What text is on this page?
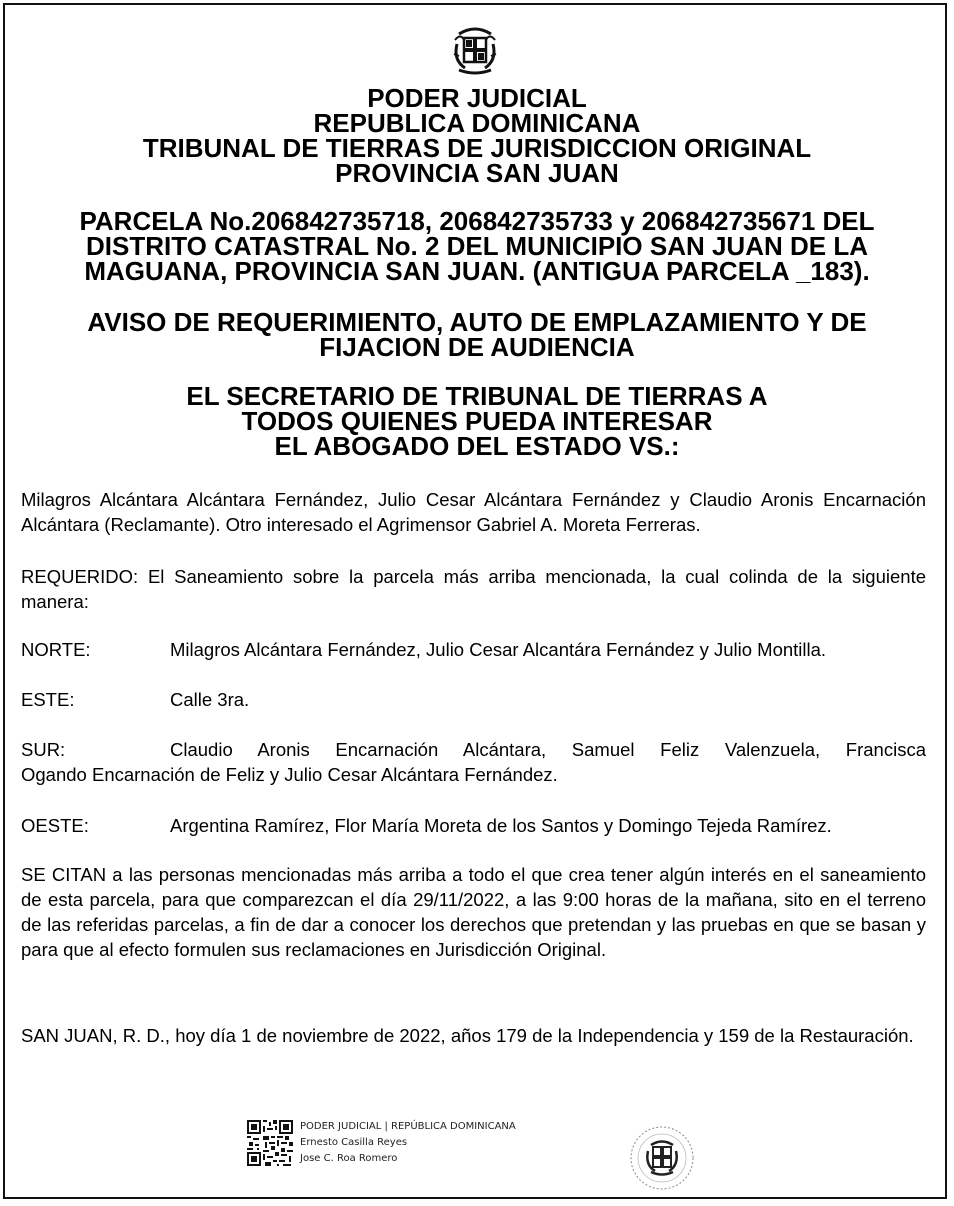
PODER JUDICIAL
REPUBLICA DOMINICANA
TRIBUNAL DE TIERRAS DE JURISDICCION ORIGINAL
PROVINCIA SAN JUAN
PARCELA No.206842735718, 206842735733 y 206842735671 DEL
DISTRITO CATASTRAL No. 2 DEL MUNICIPIO SAN JUAN DE LA
MAGUANA, PROVINCIA SAN JUAN. (ANTIGUA PARCELA _183).
AVISO DE REQUERIMIENTO, AUTO DE EMPLAZAMIENTO Y DE
FIJACION DE AUDIENCIA
EL SECRETARIO DE TRIBUNAL DE TIERRAS A
TODOS QUIENES PUEDA INTERESAR
EL ABOGADO DEL ESTADO VS.:
Milagros Alcántara Alcántara Fernández, Julio Cesar Alcántara Fernández y Claudio Aronis Encarnación Alcántara (Reclamante). Otro interesado el Agrimensor Gabriel A. Moreta Ferreras.
REQUERIDO: El Saneamiento sobre la parcela más arriba mencionada, la cual colinda de la siguiente manera:
NORTE:	Milagros Alcántara Fernández, Julio Cesar Alcantára Fernández y Julio Montilla.
ESTE:	Calle 3ra.
SUR:	Claudio Aronis Encarnación Alcántara, Samuel Feliz Valenzuela, Francisca
Ogando Encarnación de Feliz y Julio Cesar Alcántara Fernández.
OESTE:	Argentina Ramírez, Flor María Moreta de los Santos y Domingo Tejeda Ramírez.
SE CITAN a las personas mencionadas más arriba a todo el que crea tener algún interés en el saneamiento de esta parcela, para que comparezcan el día 29/11/2022, a las 9:00 horas de la mañana, sito en el terreno de las referidas parcelas, a fin de dar a conocer los derechos que pretendan y las pruebas en que se basan y para que al efecto formulen sus reclamaciones en Jurisdicción Original.
SAN JUAN, R. D., hoy día 1 de noviembre de 2022, años 179 de la Independencia y 159 de la Restauración.
PODER JUDICIAL | REPÚBLICA DOMINICANA
Ernesto Casilla Reyes
Jose C. Roa Romero
